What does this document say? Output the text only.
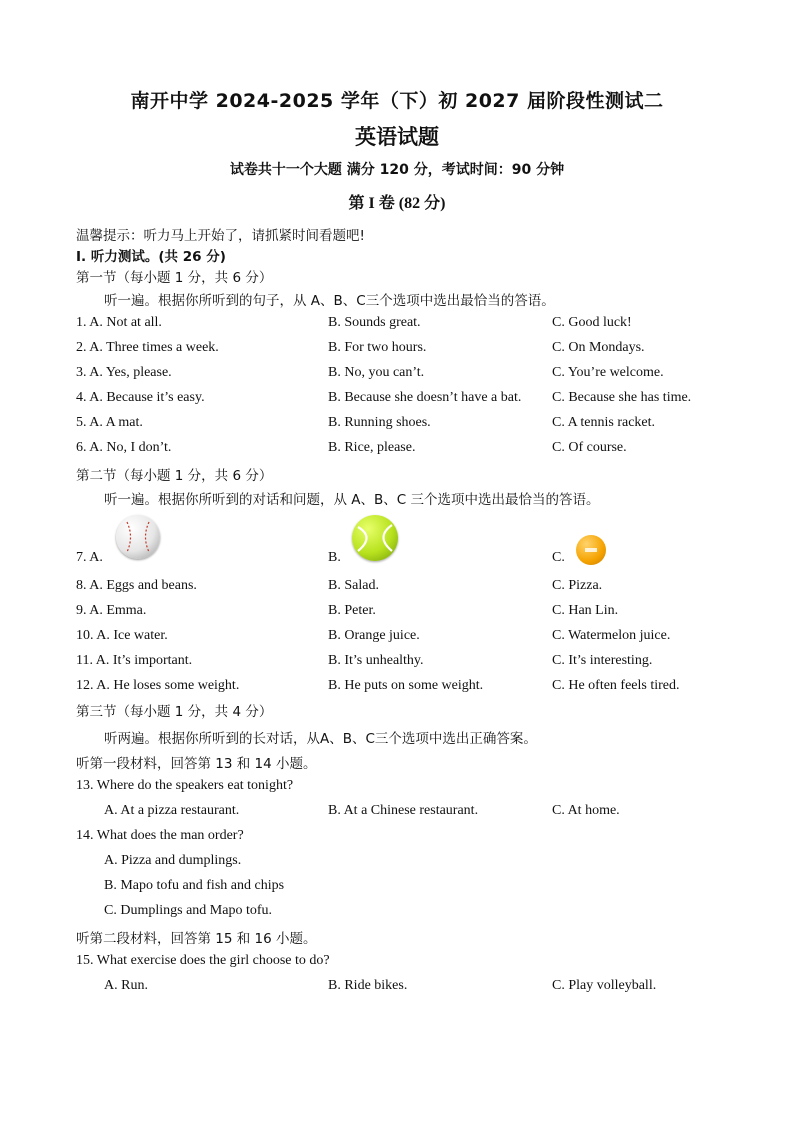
南开中学 2024-2025 学年（下）初 2027 届阶段性测试二
英语试题
试卷共十一个大题 满分 120 分，考试时间：90 分钟
第 I 卷 (82 分)
温馨提示：听力马上开始了，请抓紧时间看题吧!
I. 听力测试。(共 26 分)
第一节（每小题 1 分，共 6 分）
听一遍。根据你所听到的句子，从 A、B、C三个选项中选出最恰当的答语。
1. A. Not at all.	B. Sounds great.	C. Good luck!
2. A. Three times a week.	B. For two hours.	C. On Mondays.
3. A. Yes, please.	B. No, you can’t.	C. You’re welcome.
4. A. Because it’s easy.	B. Because she doesn’t have a bat. C. Because she has time.
5. A. A mat.	B. Running shoes.	C. A tennis racket.
6. A. No, I don’t.	B. Rice, please.	C. Of course.
第二节（每小题 1 分，共 6 分）
听一遍。根据你所听到的对话和问题，从 A、B、C 三个选项中选出最恰当的答语。
7. A.	B.	C.
8. A. Eggs and beans.	B. Salad.	C. Pizza.
9. A. Emma.	B. Peter.	C. Han Lin.
10. A. Ice water.	B. Orange juice.	C. Watermelon juice.
11. A. It’s important.	B. It’s unhealthy.	C. It’s interesting.
12. A. He loses some weight.	B. He puts on some weight.	C. He often feels tired.
第三节（每小题 1 分，共 4 分）
听两遍。根据你所听到的长对话，从A、B、C三个选项中选出正确答案。
听第一段材料，回答第 13 和 14 小题。
13. Where do the speakers eat tonight?
A. At a pizza restaurant.	B. At a Chinese restaurant.	C. At home.
14. What does the man order?
A. Pizza and dumplings.
B. Mapo tofu and fish and chips
C. Dumplings and Mapo tofu.
听第二段材料，回答第 15 和 16 小题。
15. What exercise does the girl choose to do?
A. Run.	B. Ride bikes.	C. Play volleyball.
